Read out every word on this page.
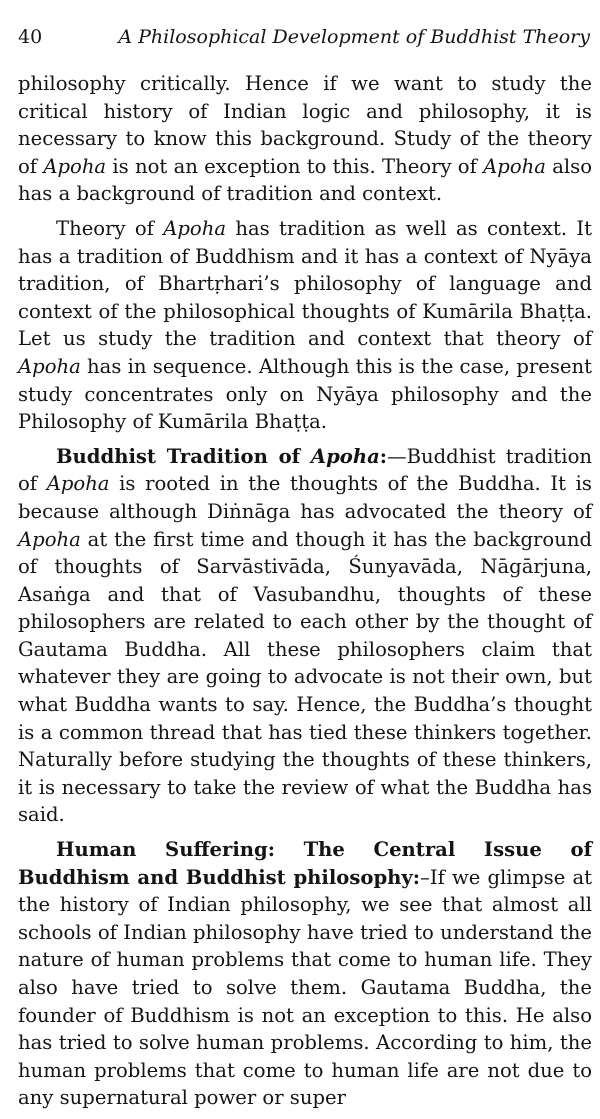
40	A Philosophical Development of Buddhist Theory

philosophy critically. Hence if we want to study the critical history of Indian logic and philosophy, it is necessary to know this background. Study of the theory of Apoha is not an exception to this. Theory of Apoha also has a background of tradition and context.

Theory of Apoha has tradition as well as context. It has a tradition of Buddhism and it has a context of Nyāya tradition, of Bhartṛhari’s philosophy of language and context of the philosophical thoughts of Kumārila Bhaṭṭa. Let us study the tradition and context that theory of Apoha has in sequence. Although this is the case, present study concentrates only on Nyāya philosophy and the Philosophy of Kumārila Bhaṭṭa.

Buddhist Tradition of Apoha:—Buddhist tradition of Apoha is rooted in the thoughts of the Buddha. It is because although Diṅnāga has advocated the theory of Apoha at the first time and though it has the background of thoughts of Sarvāstivāda, Śunyavāda, Nāgārjuna, Asaṅga and that of Vasubandhu, thoughts of these philosophers are related to each other by the thought of Gautama Buddha. All these philosophers claim that whatever they are going to advocate is not their own, but what Buddha wants to say. Hence, the Buddha’s thought is a common thread that has tied these thinkers together. Naturally before studying the thoughts of these thinkers, it is necessary to take the review of what the Buddha has said.

Human Suffering: The Central Issue of Buddhism and Buddhist philosophy:–If we glimpse at the history of Indian philosophy, we see that almost all schools of Indian philosophy have tried to understand the nature of human problems that come to human life. They also have tried to solve them. Gautama Buddha, the founder of Buddhism is not an exception to this. He also has tried to solve human problems. According to him, the human problems that come to human life are not due to any supernatural power or super
